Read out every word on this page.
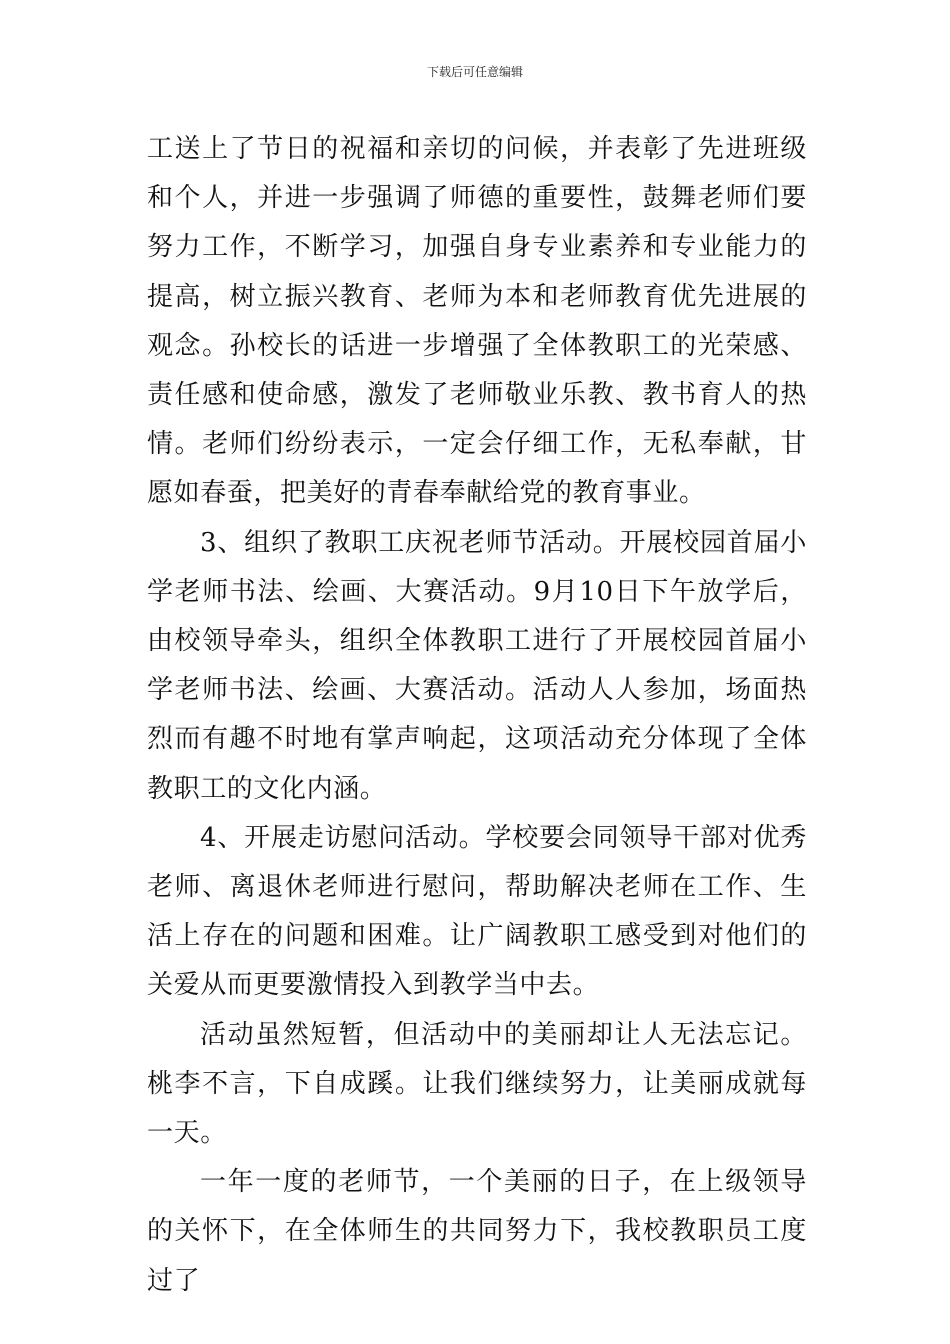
下载后可任意编辑

工送上了节日的祝福和亲切的问候，并表彰了先进班级和个人，并进一步强调了师德的重要性，鼓舞老师们要努力工作，不断学习，加强自身专业素养和专业能力的提高，树立振兴教育、老师为本和老师教育优先进展的观念。孙校长的话进一步增强了全体教职工的光荣感、责任感和使命感，激发了老师敬业乐教、教书育人的热情。老师们纷纷表示，一定会仔细工作，无私奉献，甘愿如春蚕，把美好的青春奉献给党的教育事业。

3、组织了教职工庆祝老师节活动。开展校园首届小学老师书法、绘画、大赛活动。9月10日下午放学后，由校领导牵头，组织全体教职工进行了开展校园首届小学老师书法、绘画、大赛活动。活动人人参加，场面热烈而有趣不时地有掌声响起，这项活动充分体现了全体教职工的文化内涵。

4、开展走访慰问活动。学校要会同领导干部对优秀老师、离退休老师进行慰问，帮助解决老师在工作、生活上存在的问题和困难。让广阔教职工感受到对他们的关爱从而更要激情投入到教学当中去。

活动虽然短暂，但活动中的美丽却让人无法忘记。桃李不言，下自成蹊。让我们继续努力，让美丽成就每一天。

一年一度的老师节，一个美丽的日子，在上级领导的关怀下，在全体师生的共同努力下，我校教职员工度过了
